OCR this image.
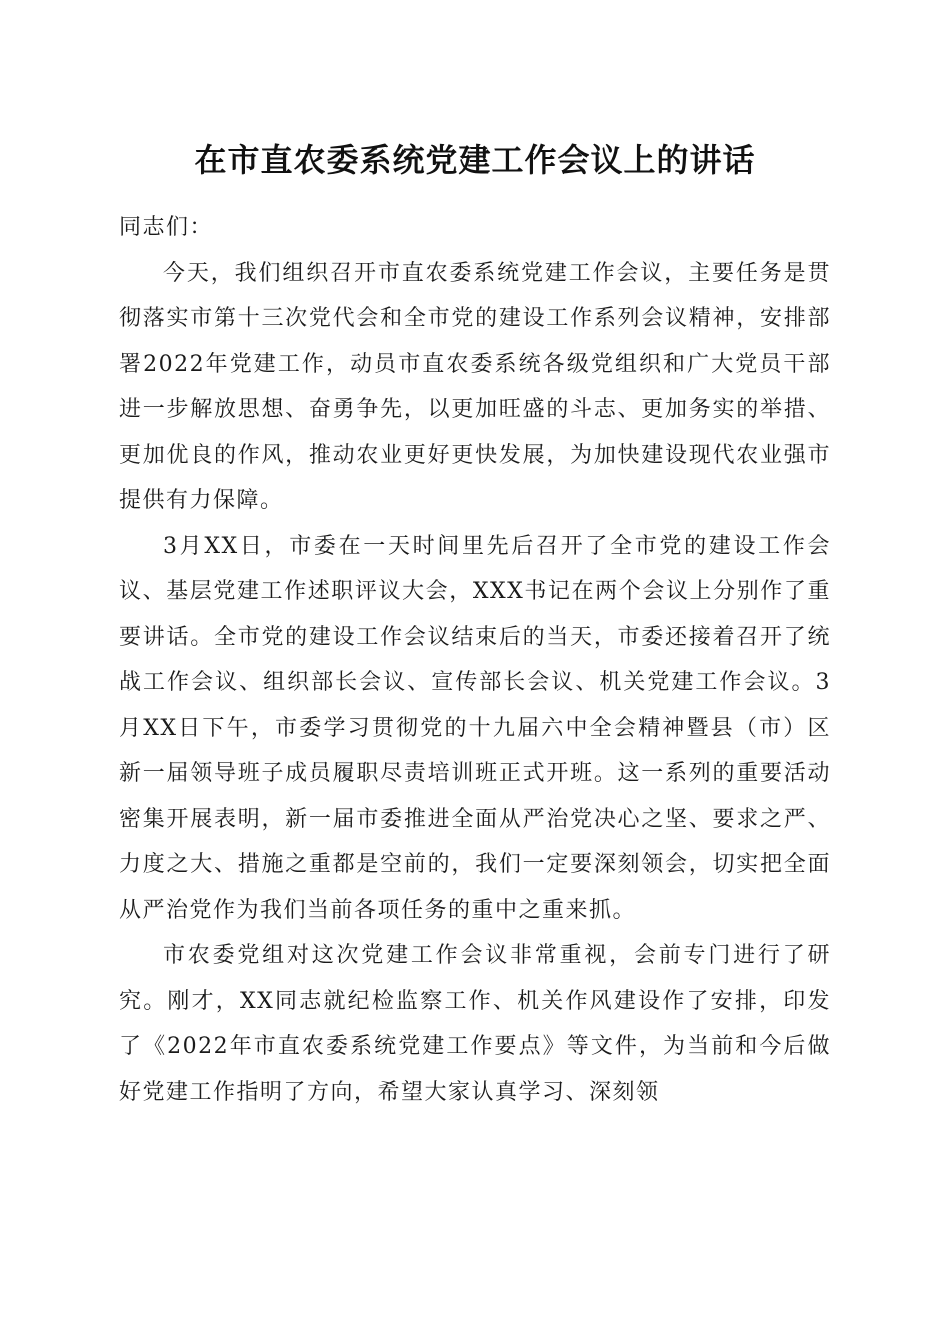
在市直农委系统党建工作会议上的讲话

同志们：

今天，我们组织召开市直农委系统党建工作会议，主要任务是贯彻落实市第十三次党代会和全市党的建设工作系列会议精神，安排部署2022年党建工作，动员市直农委系统各级党组织和广大党员干部进一步解放思想、奋勇争先，以更加旺盛的斗志、更加务实的举措、更加优良的作风，推动农业更好更快发展，为加快建设现代农业强市提供有力保障。

3月XX日，市委在一天时间里先后召开了全市党的建设工作会议、基层党建工作述职评议大会，XXX书记在两个会议上分别作了重要讲话。全市党的建设工作会议结束后的当天，市委还接着召开了统战工作会议、组织部长会议、宣传部长会议、机关党建工作会议。3月XX日下午，市委学习贯彻党的十九届六中全会精神暨县（市）区新一届领导班子成员履职尽责培训班正式开班。这一系列的重要活动密集开展表明，新一届市委推进全面从严治党决心之坚、要求之严、力度之大、措施之重都是空前的，我们一定要深刻领会，切实把全面从严治党作为我们当前各项任务的重中之重来抓。

市农委党组对这次党建工作会议非常重视，会前专门进行了研究。刚才，XX同志就纪检监察工作、机关作风建设作了安排，印发了《2022年市直农委系统党建工作要点》等文件，为当前和今后做好党建工作指明了方向，希望大家认真学习、深刻领
